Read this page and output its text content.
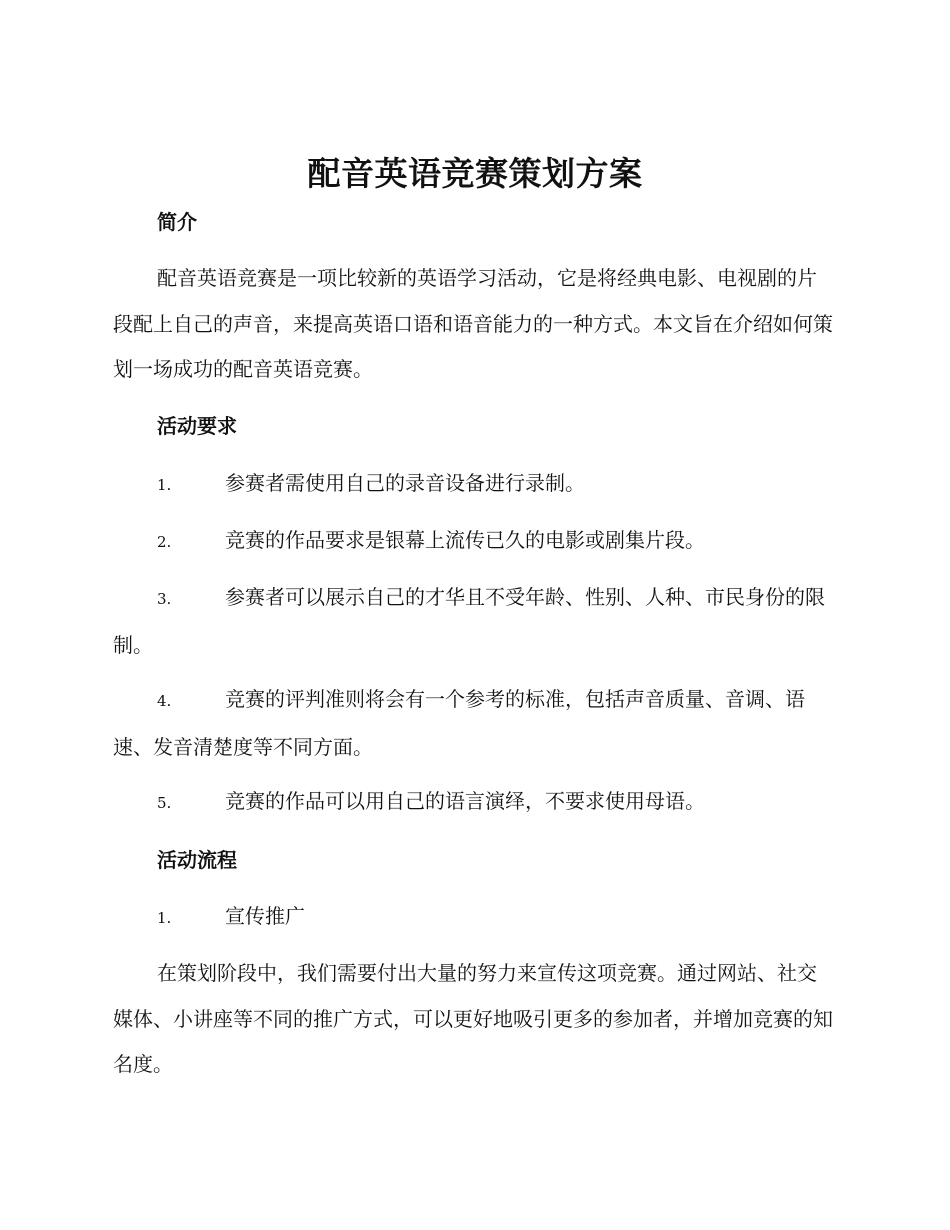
配音英语竞赛策划方案
简介
配音英语竞赛是一项比较新的英语学习活动，它是将经典电影、电视剧的片段配上自己的声音，来提高英语口语和语音能力的一种方式。本文旨在介绍如何策划一场成功的配音英语竞赛。
活动要求
1.	参赛者需使用自己的录音设备进行录制。
2.	竞赛的作品要求是银幕上流传已久的电影或剧集片段。
3.	参赛者可以展示自己的才华且不受年龄、性别、人种、市民身份的限制。
4.	竞赛的评判准则将会有一个参考的标准，包括声音质量、音调、语速、发音清楚度等不同方面。
5.	竞赛的作品可以用自己的语言演绎，不要求使用母语。
活动流程
1.	宣传推广
在策划阶段中，我们需要付出大量的努力来宣传这项竞赛。通过网站、社交媒体、小讲座等不同的推广方式，可以更好地吸引更多的参加者，并增加竞赛的知名度。
